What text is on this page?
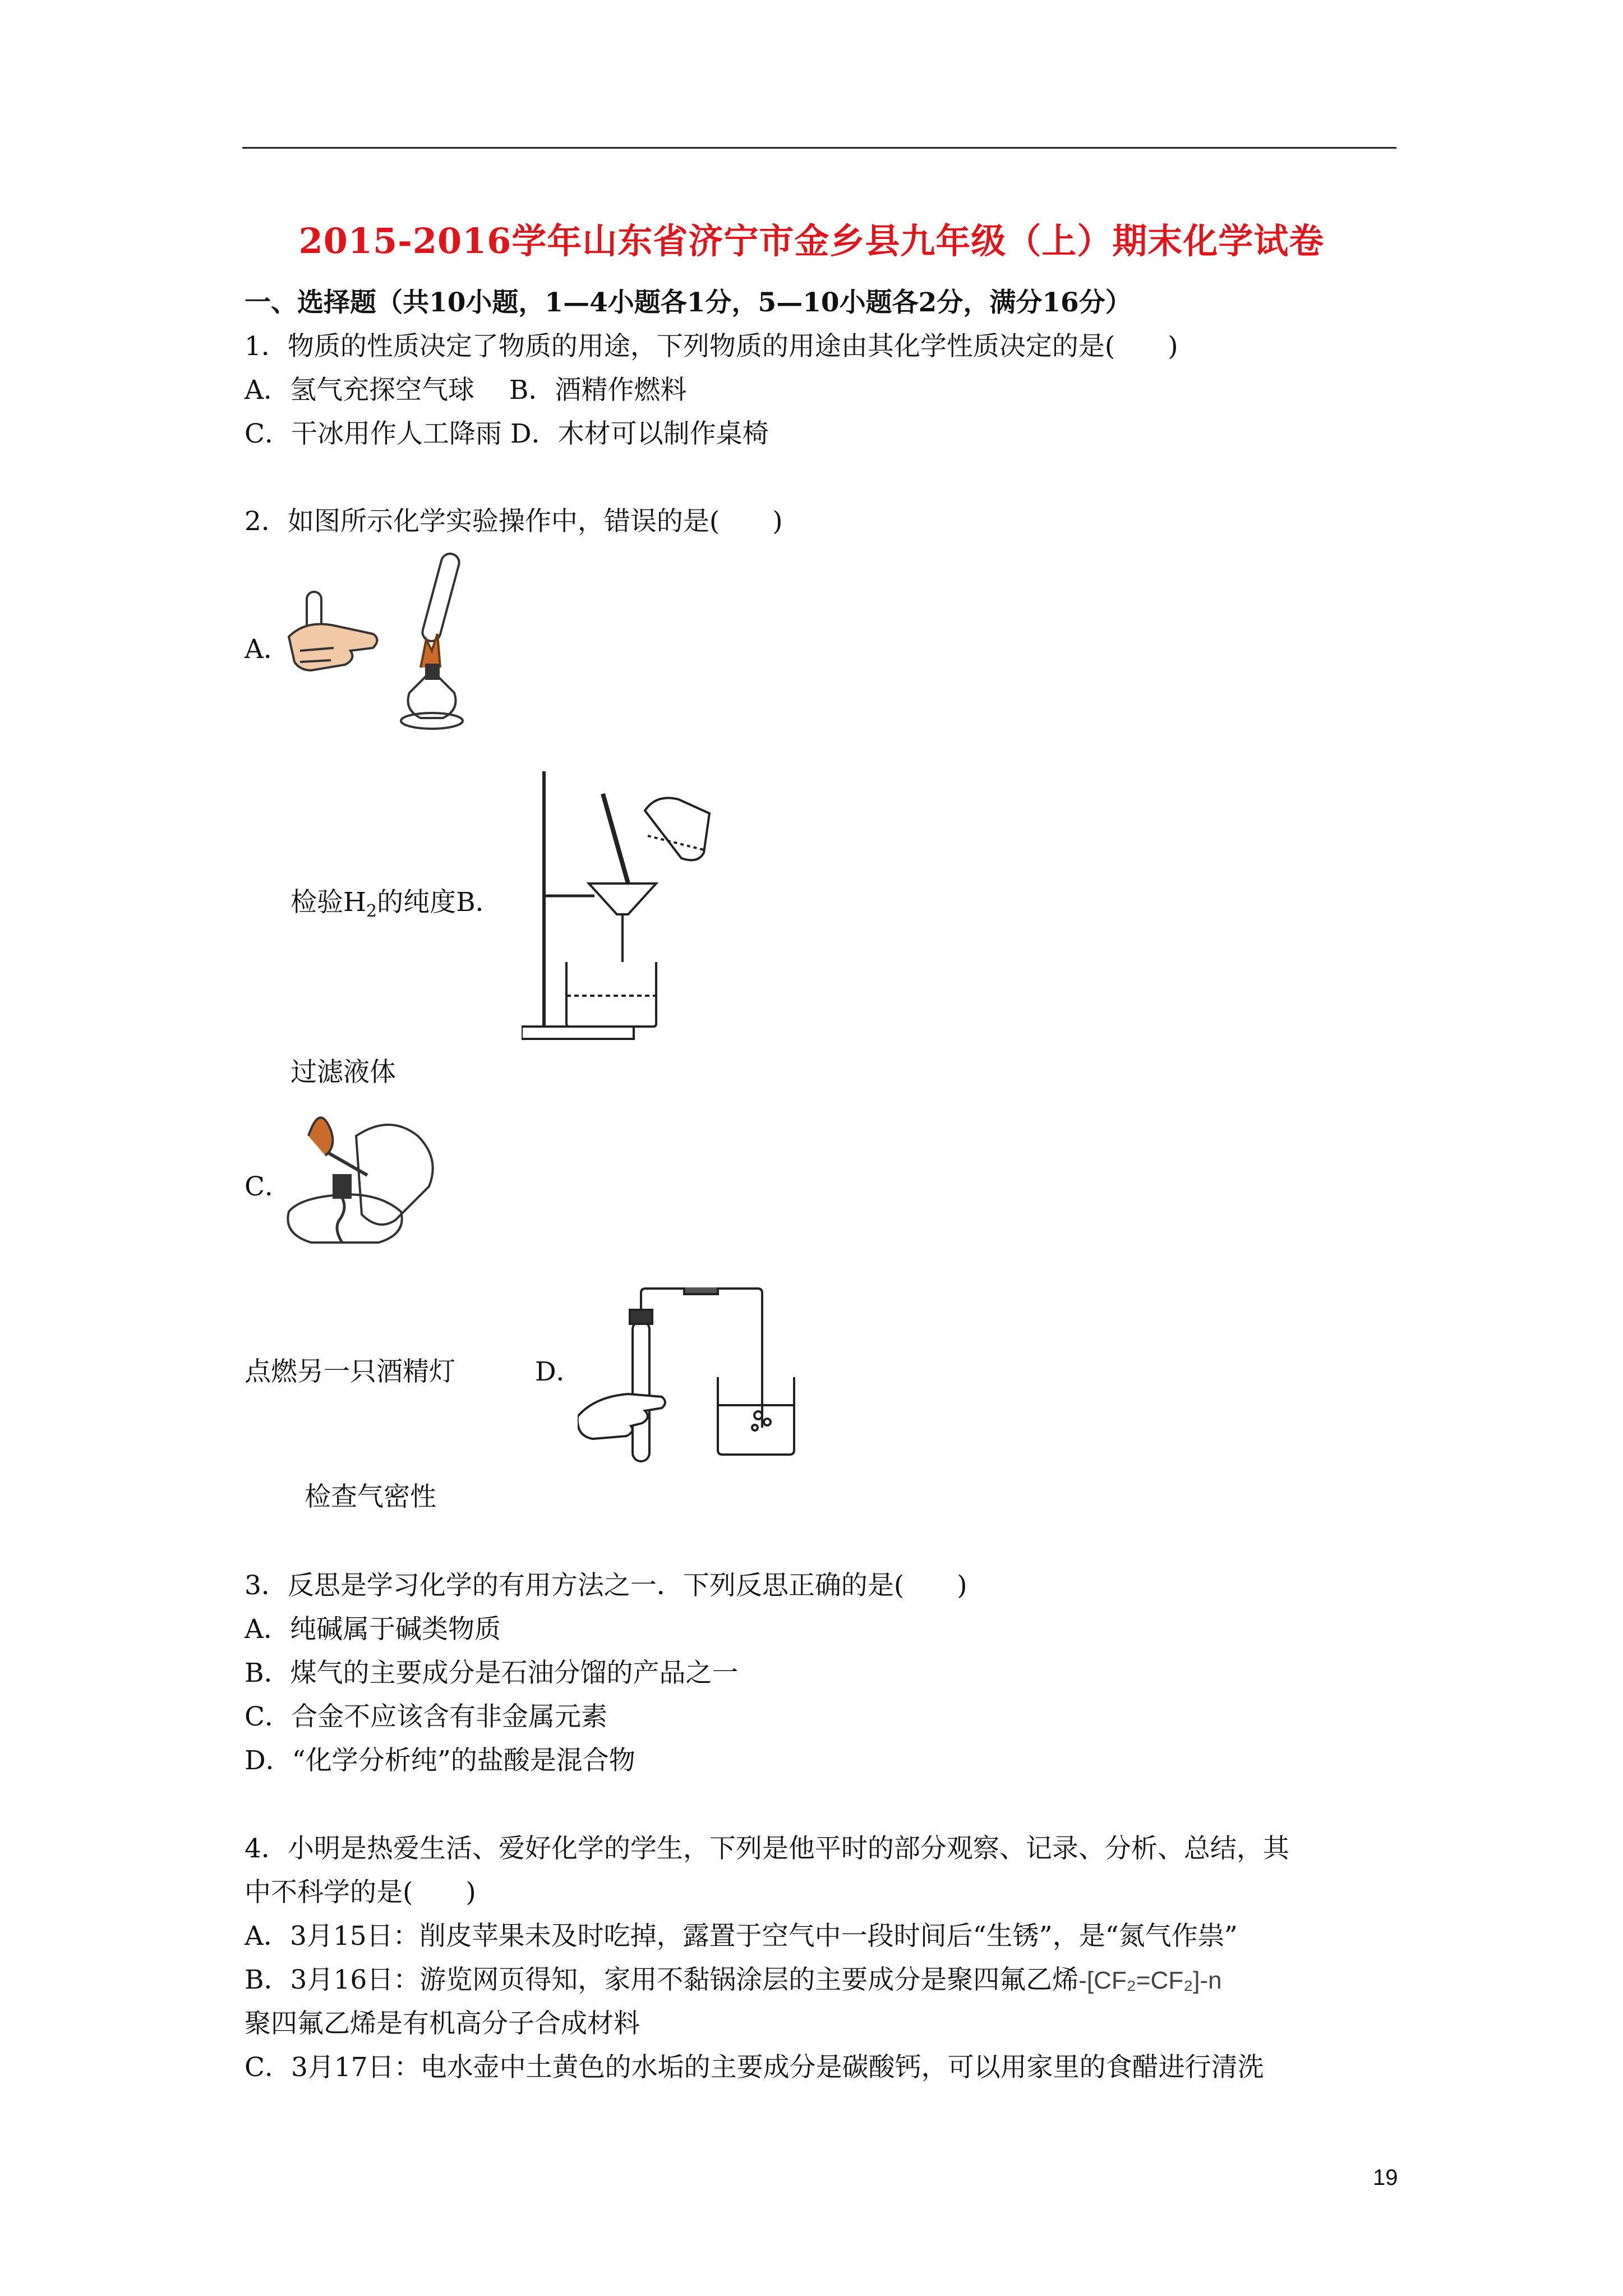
2015-2016学年山东省济宁市金乡县九年级（上）期末化学试卷
一、选择题（共10小题，1—4小题各1分，5—10小题各2分，满分16分）
1．物质的性质决定了物质的用途，下列物质的用途由其化学性质决定的是(　　)
A．氢气充探空气球　 B．酒精作燃料
C．干冰用作人工降雨 D．木材可以制作桌椅
2．如图所示化学实验操作中，错误的是(　　)
A．
检验$H_2$的纯度B．
过滤液体
C．
点燃另一只酒精灯	D．
检查气密性
3．反思是学习化学的有用方法之一．下列反思正确的是(　　)
A．纯碱属于碱类物质
B．煤气的主要成分是石油分馏的产品之一
C．合金不应该含有非金属元素
D．“化学分析纯”的盐酸是混合物
4．小明是热爱生活、爱好化学的学生，下列是他平时的部分观察、记录、分析、总结，其
中不科学的是(　　)
A．3月15日：削皮苹果未及时吃掉，露置于空气中一段时间后“生锈”，是“氮气作祟”
B．3月16日：游览网页得知，家用不黏锅涂层的主要成分是聚四氟乙烯-[CF₂=CF₂]-n
聚四氟乙烯是有机高分子合成材料
C．3月17日：电水壶中土黄色的水垢的主要成分是碳酸钙，可以用家里的食醋进行清洗
19
